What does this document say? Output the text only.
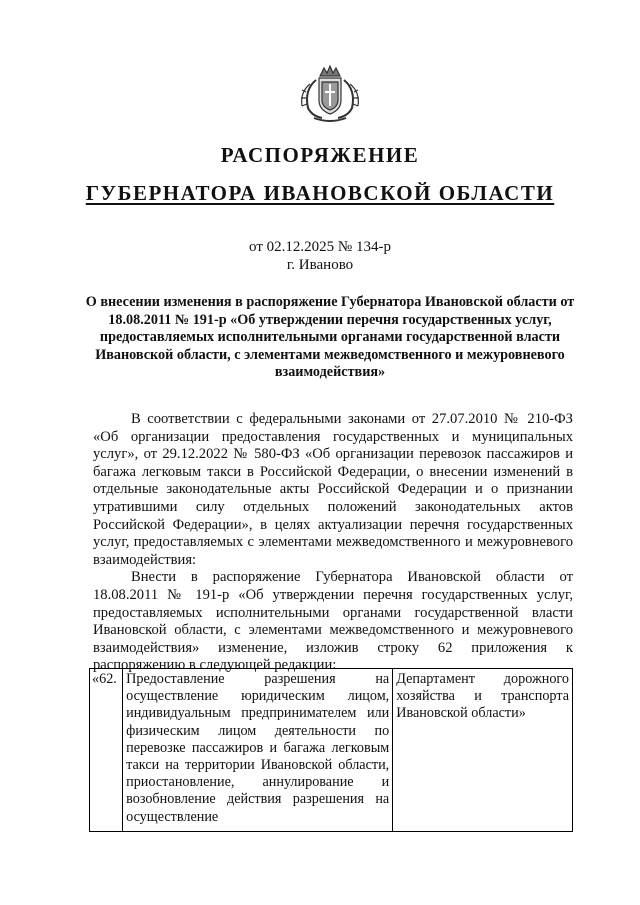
РАСПОРЯЖЕНИЕ
ГУБЕРНАТОРА ИВАНОВСКОЙ ОБЛАСТИ
от 02.12.2025 № 134-р
г. Иваново
О внесении изменения в распоряжение Губернатора Ивановской области от 18.08.2011 № 191-р «Об утверждении перечня государственных услуг, предоставляемых исполнительными органами государственной власти Ивановской области, с элементами межведомственного и межуровневого взаимодействия»

В соответствии с федеральными законами от 27.07.2010 № 210-ФЗ «Об организации предоставления государственных и муниципальных услуг», от 29.12.2022 № 580-ФЗ «Об организации перевозок пассажиров и багажа легковым такси в Российской Федерации, о внесении изменений в отдельные законодательные акты Российской Федерации и о признании утратившими силу отдельных положений законодательных актов Российской Федерации», в целях актуализации перечня государственных услуг, предоставляемых с элементами межведомственного и межуровневого взаимодействия:

Внести в распоряжение Губернатора Ивановской области от 18.08.2011 № 191-р «Об утверждении перечня государственных услуг, предоставляемых исполнительными органами государственной власти Ивановской области, с элементами межведомственного и межуровневого взаимодействия» изменение, изложив строку 62 приложения к распоряжению в следующей редакции:

«62.	Предоставление разрешения на осуществление юридическим лицом, индивидуальным предпринимателем или физическим лицом деятельности по перевозке пассажиров и багажа легковым такси на территории Ивановской области, приостановление, аннулирование и возобновление действия разрешения на осуществление	Департамент дорожного хозяйства и транспорта Ивановской области»
